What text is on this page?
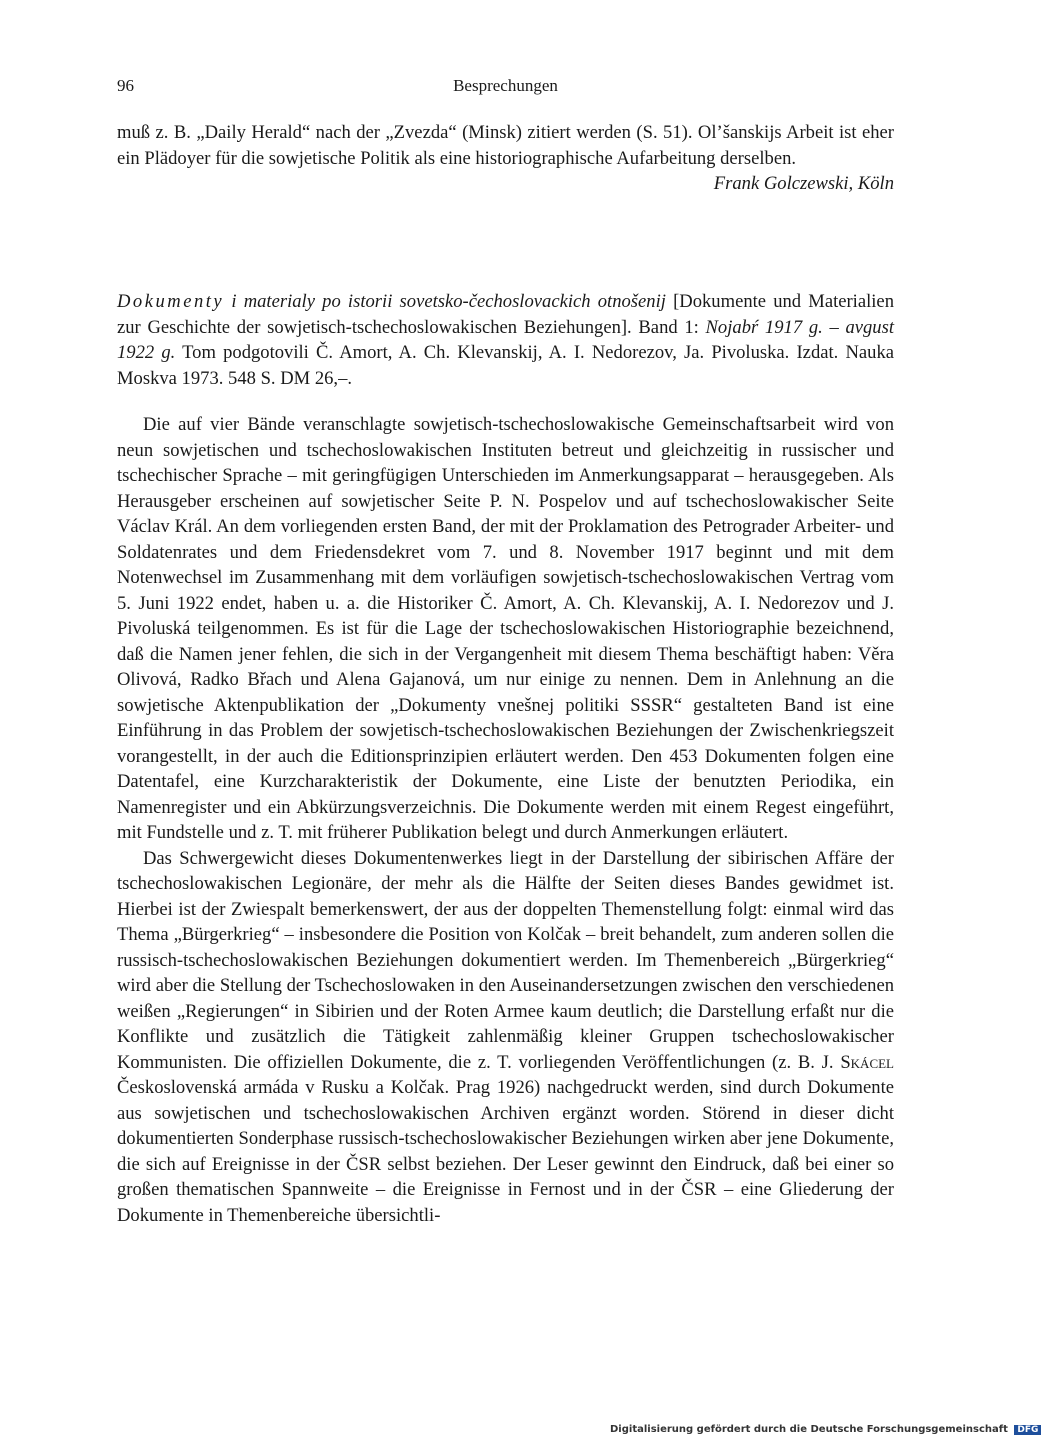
96	Besprechungen

muß z. B. „Daily Herald“ nach der „Zvezda“ (Minsk) zitiert werden (S. 51). Ol’šanskijs Arbeit ist eher ein Plädoyer für die sowjetische Politik als eine historiographische Aufarbeitung derselben.

Frank Golczewski, Köln

Dokumenty i materialy po istorii sovetsko-čechoslovackich otnošenij [Dokumente und Materialien zur Geschichte der sowjetisch-tschechoslowakischen Beziehungen]. Band 1: Nojabŕ 1917 g. – avgust 1922 g. Tom podgotovili Č. Amort, A. Ch. Klevanskij, A. I. Nedorezov, Ja. Pivoluska. Izdat. Nauka Moskva 1973. 548 S. DM 26,–.

Die auf vier Bände veranschlagte sowjetisch-tschechoslowakische Gemeinschaftsarbeit wird von neun sowjetischen und tschechoslowakischen Instituten betreut und gleichzeitig in russischer und tschechischer Sprache – mit geringfügigen Unterschieden im Anmerkungsapparat – herausgegeben. Als Herausgeber erscheinen auf sowjetischer Seite P. N. Pospelov und auf tschechoslowakischer Seite Václav Král. An dem vorliegenden ersten Band, der mit der Proklamation des Petrograder Arbeiter- und Soldatenrates und dem Friedensdekret vom 7. und 8. November 1917 beginnt und mit dem Notenwechsel im Zusammenhang mit dem vorläufigen sowjetisch-tschechoslowakischen Vertrag vom 5. Juni 1922 endet, haben u. a. die Historiker Č. Amort, A. Ch. Klevanskij, A. I. Nedorezov und J. Pivoluská teilgenommen. Es ist für die Lage der tschechoslowakischen Historiographie bezeichnend, daß die Namen jener fehlen, die sich in der Vergangenheit mit diesem Thema beschäftigt haben: Věra Olivová, Radko Břach und Alena Gajanová, um nur einige zu nennen. Dem in Anlehnung an die sowjetische Aktenpublikation der „Dokumenty vnešnej politiki SSSR“ gestalteten Band ist eine Einführung in das Problem der sowjetisch-tschechoslowakischen Beziehungen der Zwischenkriegszeit vorangestellt, in der auch die Editionsprinzipien erläutert werden. Den 453 Dokumenten folgen eine Datentafel, eine Kurzcharakteristik der Dokumente, eine Liste der benutzten Periodika, ein Namenregister und ein Abkürzungsverzeichnis. Die Dokumente werden mit einem Regest eingeführt, mit Fundstelle und z. T. mit früherer Publikation belegt und durch Anmerkungen erläutert.

Das Schwergewicht dieses Dokumentenwerkes liegt in der Darstellung der sibirischen Affäre der tschechoslowakischen Legionäre, der mehr als die Hälfte der Seiten dieses Bandes gewidmet ist. Hierbei ist der Zwiespalt bemerkenswert, der aus der doppelten Themenstellung folgt: einmal wird das Thema „Bürgerkrieg“ – insbesondere die Position von Kolčak – breit behandelt, zum anderen sollen die russisch-tschechoslowakischen Beziehungen dokumentiert werden. Im Themenbereich „Bürgerkrieg“ wird aber die Stellung der Tschechoslowaken in den Auseinandersetzungen zwischen den verschiedenen weißen „Regierungen“ in Sibirien und der Roten Armee kaum deutlich; die Darstellung erfaßt nur die Konflikte und zusätzlich die Tätigkeit zahlenmäßig kleiner Gruppen tschechoslowakischer Kommunisten. Die offiziellen Dokumente, die z. T. vorliegenden Veröffentlichungen (z. B. J. Skácel Československá armáda v Rusku a Kolčak. Prag 1926) nachgedruckt werden, sind durch Dokumente aus sowjetischen und tschechoslowakischen Archiven ergänzt worden. Störend in dieser dicht dokumentierten Sonderphase russisch-tschechoslowakischer Beziehungen wirken aber jene Dokumente, die sich auf Ereignisse in der ČSR selbst beziehen. Der Leser gewinnt den Eindruck, daß bei einer so großen thematischen Spannweite – die Ereignisse in Fernost und in der ČSR – eine Gliederung der Dokumente in Themenbereiche übersichtli-

Digitalisierung gefördert durch die Deutsche Forschungsgemeinschaft DFG
